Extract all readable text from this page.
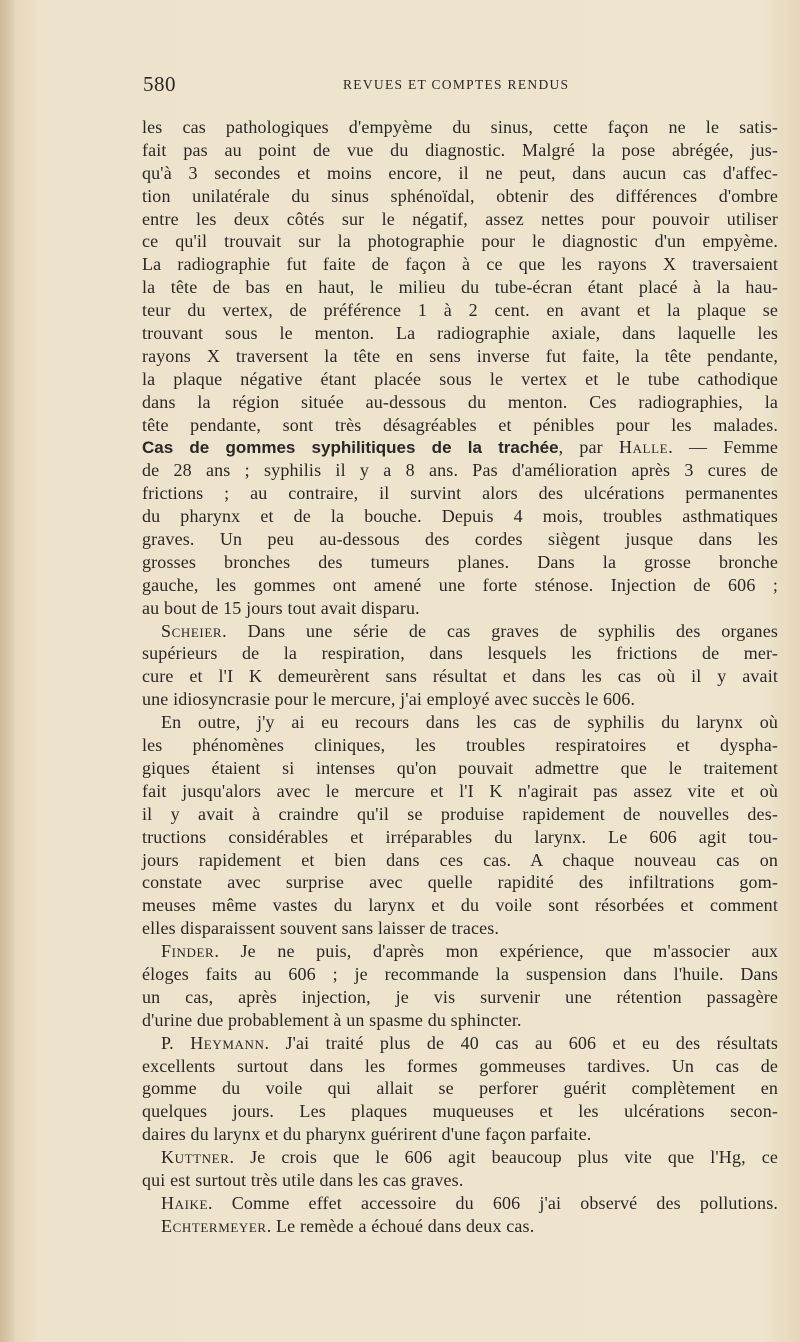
580	REVUES ET COMPTES RENDUS
les cas pathologiques d'empyème du sinus, cette façon ne le satis-
fait pas au point de vue du diagnostic. Malgré la pose abrégée, jus-
qu'à 3 secondes et moins encore, il ne peut, dans aucun cas d'affec-
tion unilatérale du sinus sphénoïdal, obtenir des différences d'ombre
entre les deux côtés sur le négatif, assez nettes pour pouvoir utiliser
ce qu'il trouvait sur la photographie pour le diagnostic d'un empyème.
La radiographie fut faite de façon à ce que les rayons X traversaient
la tête de bas en haut, le milieu du tube-écran étant placé à la hau-
teur du vertex, de préférence 1 à 2 cent. en avant et la plaque se
trouvant sous le menton. La radiographie axiale, dans laquelle les
rayons X traversent la tête en sens inverse fut faite, la tête pendante,
la plaque négative étant placée sous le vertex et le tube cathodique
dans la région située au-dessous du menton. Ces radiographies, la
tête pendante, sont très désagréables et pénibles pour les malades.
Cas de gommes syphilitiques de la trachée, par Halle. — Femme
de 28 ans ; syphilis il y a 8 ans. Pas d'amélioration après 3 cures de
frictions ; au contraire, il survint alors des ulcérations permanentes
du pharynx et de la bouche. Depuis 4 mois, troubles asthmatiques
graves. Un peu au-dessous des cordes siègent jusque dans les
grosses bronches des tumeurs planes. Dans la grosse bronche
gauche, les gommes ont amené une forte sténose. Injection de 606 ;
au bout de 15 jours tout avait disparu.
Scheier. Dans une série de cas graves de syphilis des organes
supérieurs de la respiration, dans lesquels les frictions de mer-
cure et l'I K demeurèrent sans résultat et dans les cas où il y avait
une idiosyncrasie pour le mercure, j'ai employé avec succès le 606.
En outre, j'y ai eu recours dans les cas de syphilis du larynx où
les phénomènes cliniques, les troubles respiratoires et dyspha-
giques étaient si intenses qu'on pouvait admettre que le traitement
fait jusqu'alors avec le mercure et l'I K n'agirait pas assez vite et où
il y avait à craindre qu'il se produise rapidement de nouvelles des-
tructions considérables et irréparables du larynx. Le 606 agit tou-
jours rapidement et bien dans ces cas. A chaque nouveau cas on
constate avec surprise avec quelle rapidité des infiltrations gom-
meuses même vastes du larynx et du voile sont résorbées et comment
elles disparaissent souvent sans laisser de traces.
Finder. Je ne puis, d'après mon expérience, que m'associer aux
éloges faits au 606 ; je recommande la suspension dans l'huile. Dans
un cas, après injection, je vis survenir une rétention passagère
d'urine due probablement à un spasme du sphincter.
P. Heymann. J'ai traité plus de 40 cas au 606 et eu des résultats
excellents surtout dans les formes gommeuses tardives. Un cas de
gomme du voile qui allait se perforer guérit complètement en
quelques jours. Les plaques muqueuses et les ulcérations secon-
daires du larynx et du pharynx guérirent d'une façon parfaite.
Kuttner. Je crois que le 606 agit beaucoup plus vite que l'Hg, ce
qui est surtout très utile dans les cas graves.
Haike. Comme effet accessoire du 606 j'ai observé des pollutions.
Echtermeyer. Le remède a échoué dans deux cas.
